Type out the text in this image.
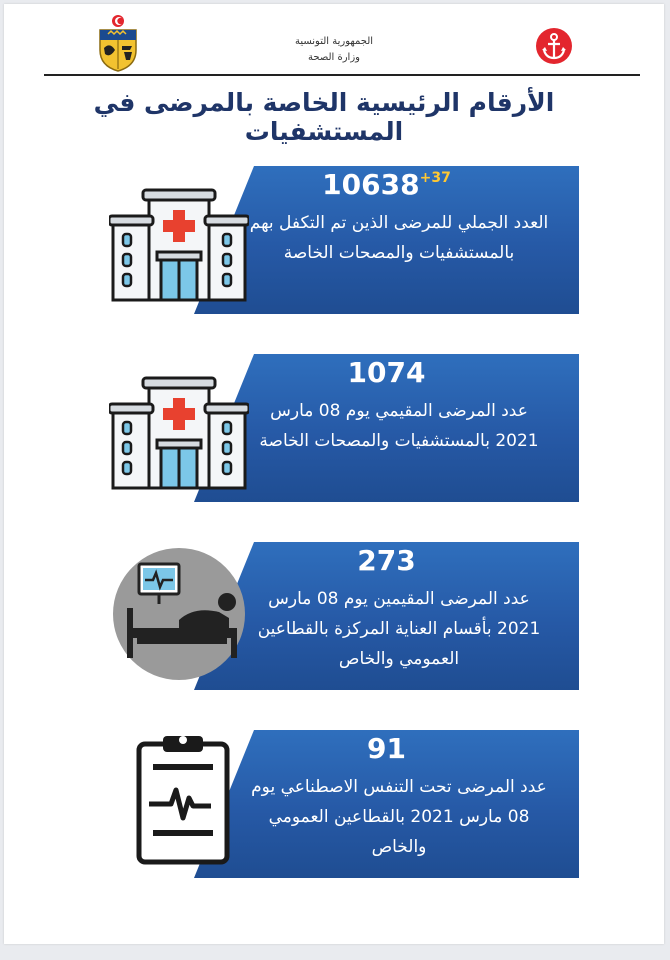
الجمهورية التونسية
وزارة الصحة
الأرقام الرئيسية الخاصة بالمرضى في المستشفيات
$10638^{+37}$
العدد الجملي للمرضى الذين تم التكفل بهم بالمستشفيات والمصحات الخاصة
1074
عدد المرضى المقيمي يوم 08 مارس 2021 بالمستشفيات والمصحات الخاصة
273
عدد المرضى المقيمين يوم 08 مارس 2021 بأقسام العناية المركزة بالقطاعين العمومي والخاص
91
عدد المرضى تحت التنفس الاصطناعي يوم 08 مارس 2021 بالقطاعين العمومي والخاص
